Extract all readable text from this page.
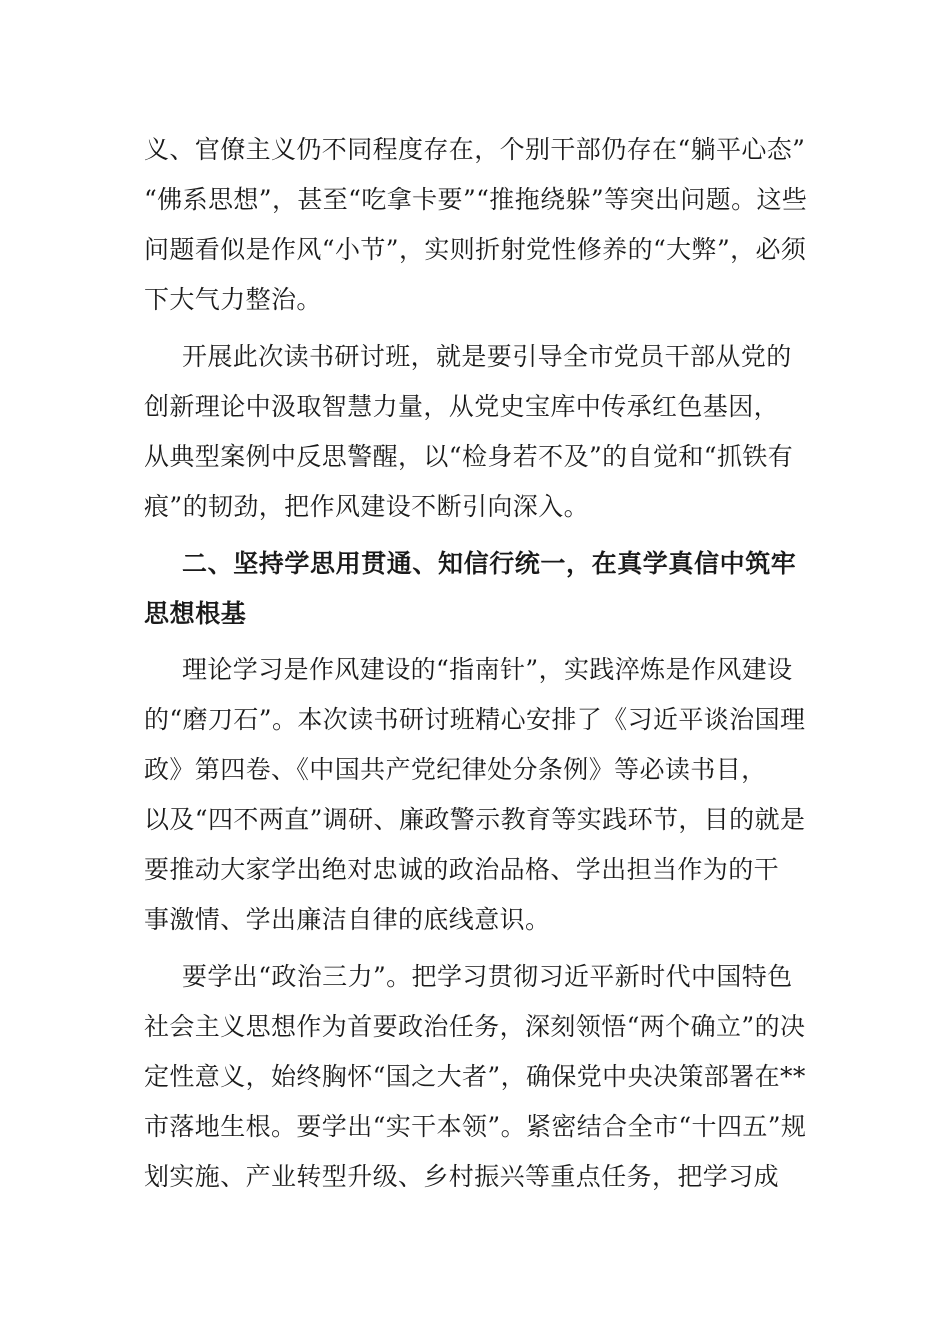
义、官僚主义仍不同程度存在，个别干部仍存在“躺平心态”
“佛系思想”，甚至“吃拿卡要”“推拖绕躲”等突出问题。这些
问题看似是作风“小节”，实则折射党性修养的“大弊”，必须
下大气力整治。
开展此次读书研讨班，就是要引导全市党员干部从党的
创新理论中汲取智慧力量，从党史宝库中传承红色基因，
从典型案例中反思警醒，以“检身若不及”的自觉和“抓铁有
痕”的韧劲，把作风建设不断引向深入。
二、坚持学思用贯通、知信行统一，在真学真信中筑牢
思想根基
理论学习是作风建设的“指南针”，实践淬炼是作风建设
的“磨刀石”。本次读书研讨班精心安排了《习近平谈治国理
政》第四卷、《中国共产党纪律处分条例》等必读书目，
以及“四不两直”调研、廉政警示教育等实践环节，目的就是
要推动大家学出绝对忠诚的政治品格、学出担当作为的干
事激情、学出廉洁自律的底线意识。
要学出“政治三力”。把学习贯彻习近平新时代中国特色
社会主义思想作为首要政治任务，深刻领悟“两个确立”的决
定性意义，始终胸怀“国之大者”，确保党中央决策部署在**
市落地生根。要学出“实干本领”。紧密结合全市“十四五”规
划实施、产业转型升级、乡村振兴等重点任务，把学习成
